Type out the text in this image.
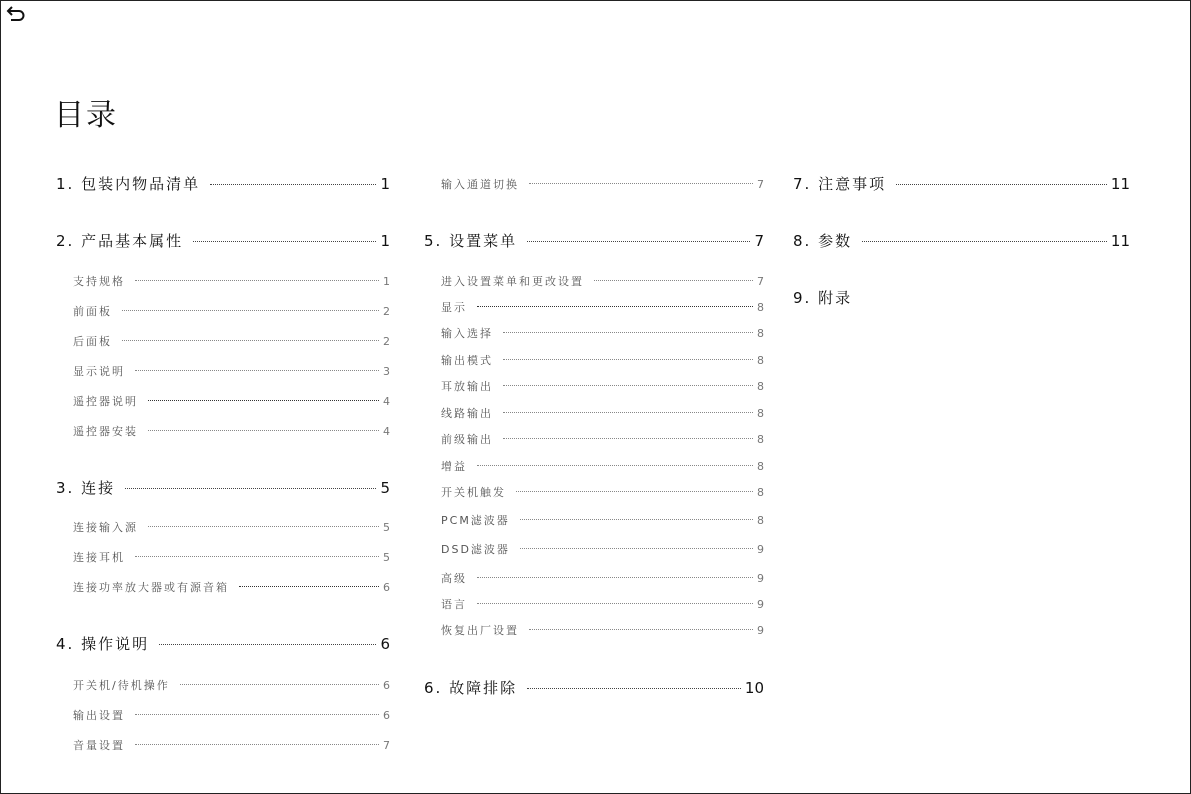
目录
1. 包装内物品清单	1
2. 产品基本属性	1
支持规格	1
前面板	2
后面板	2
显示说明	3
遥控器说明	4
遥控器安装	4
3. 连接	5
连接输入源	5
连接耳机	5
连接功率放大器或有源音箱	6
4. 操作说明	6
开关机/待机操作	6
输出设置	6
音量设置	7
输入通道切换	7
5. 设置菜单	7
进入设置菜单和更改设置	7
显示	8
输入选择	8
输出模式	8
耳放输出	8
线路输出	8
前级输出	8
增益	8
开关机触发	8
PCM滤波器	8
DSD滤波器	9
高级	9
语言	9
恢复出厂设置	9
6. 故障排除	10
7. 注意事项	11
8. 参数	11
9. 附录
